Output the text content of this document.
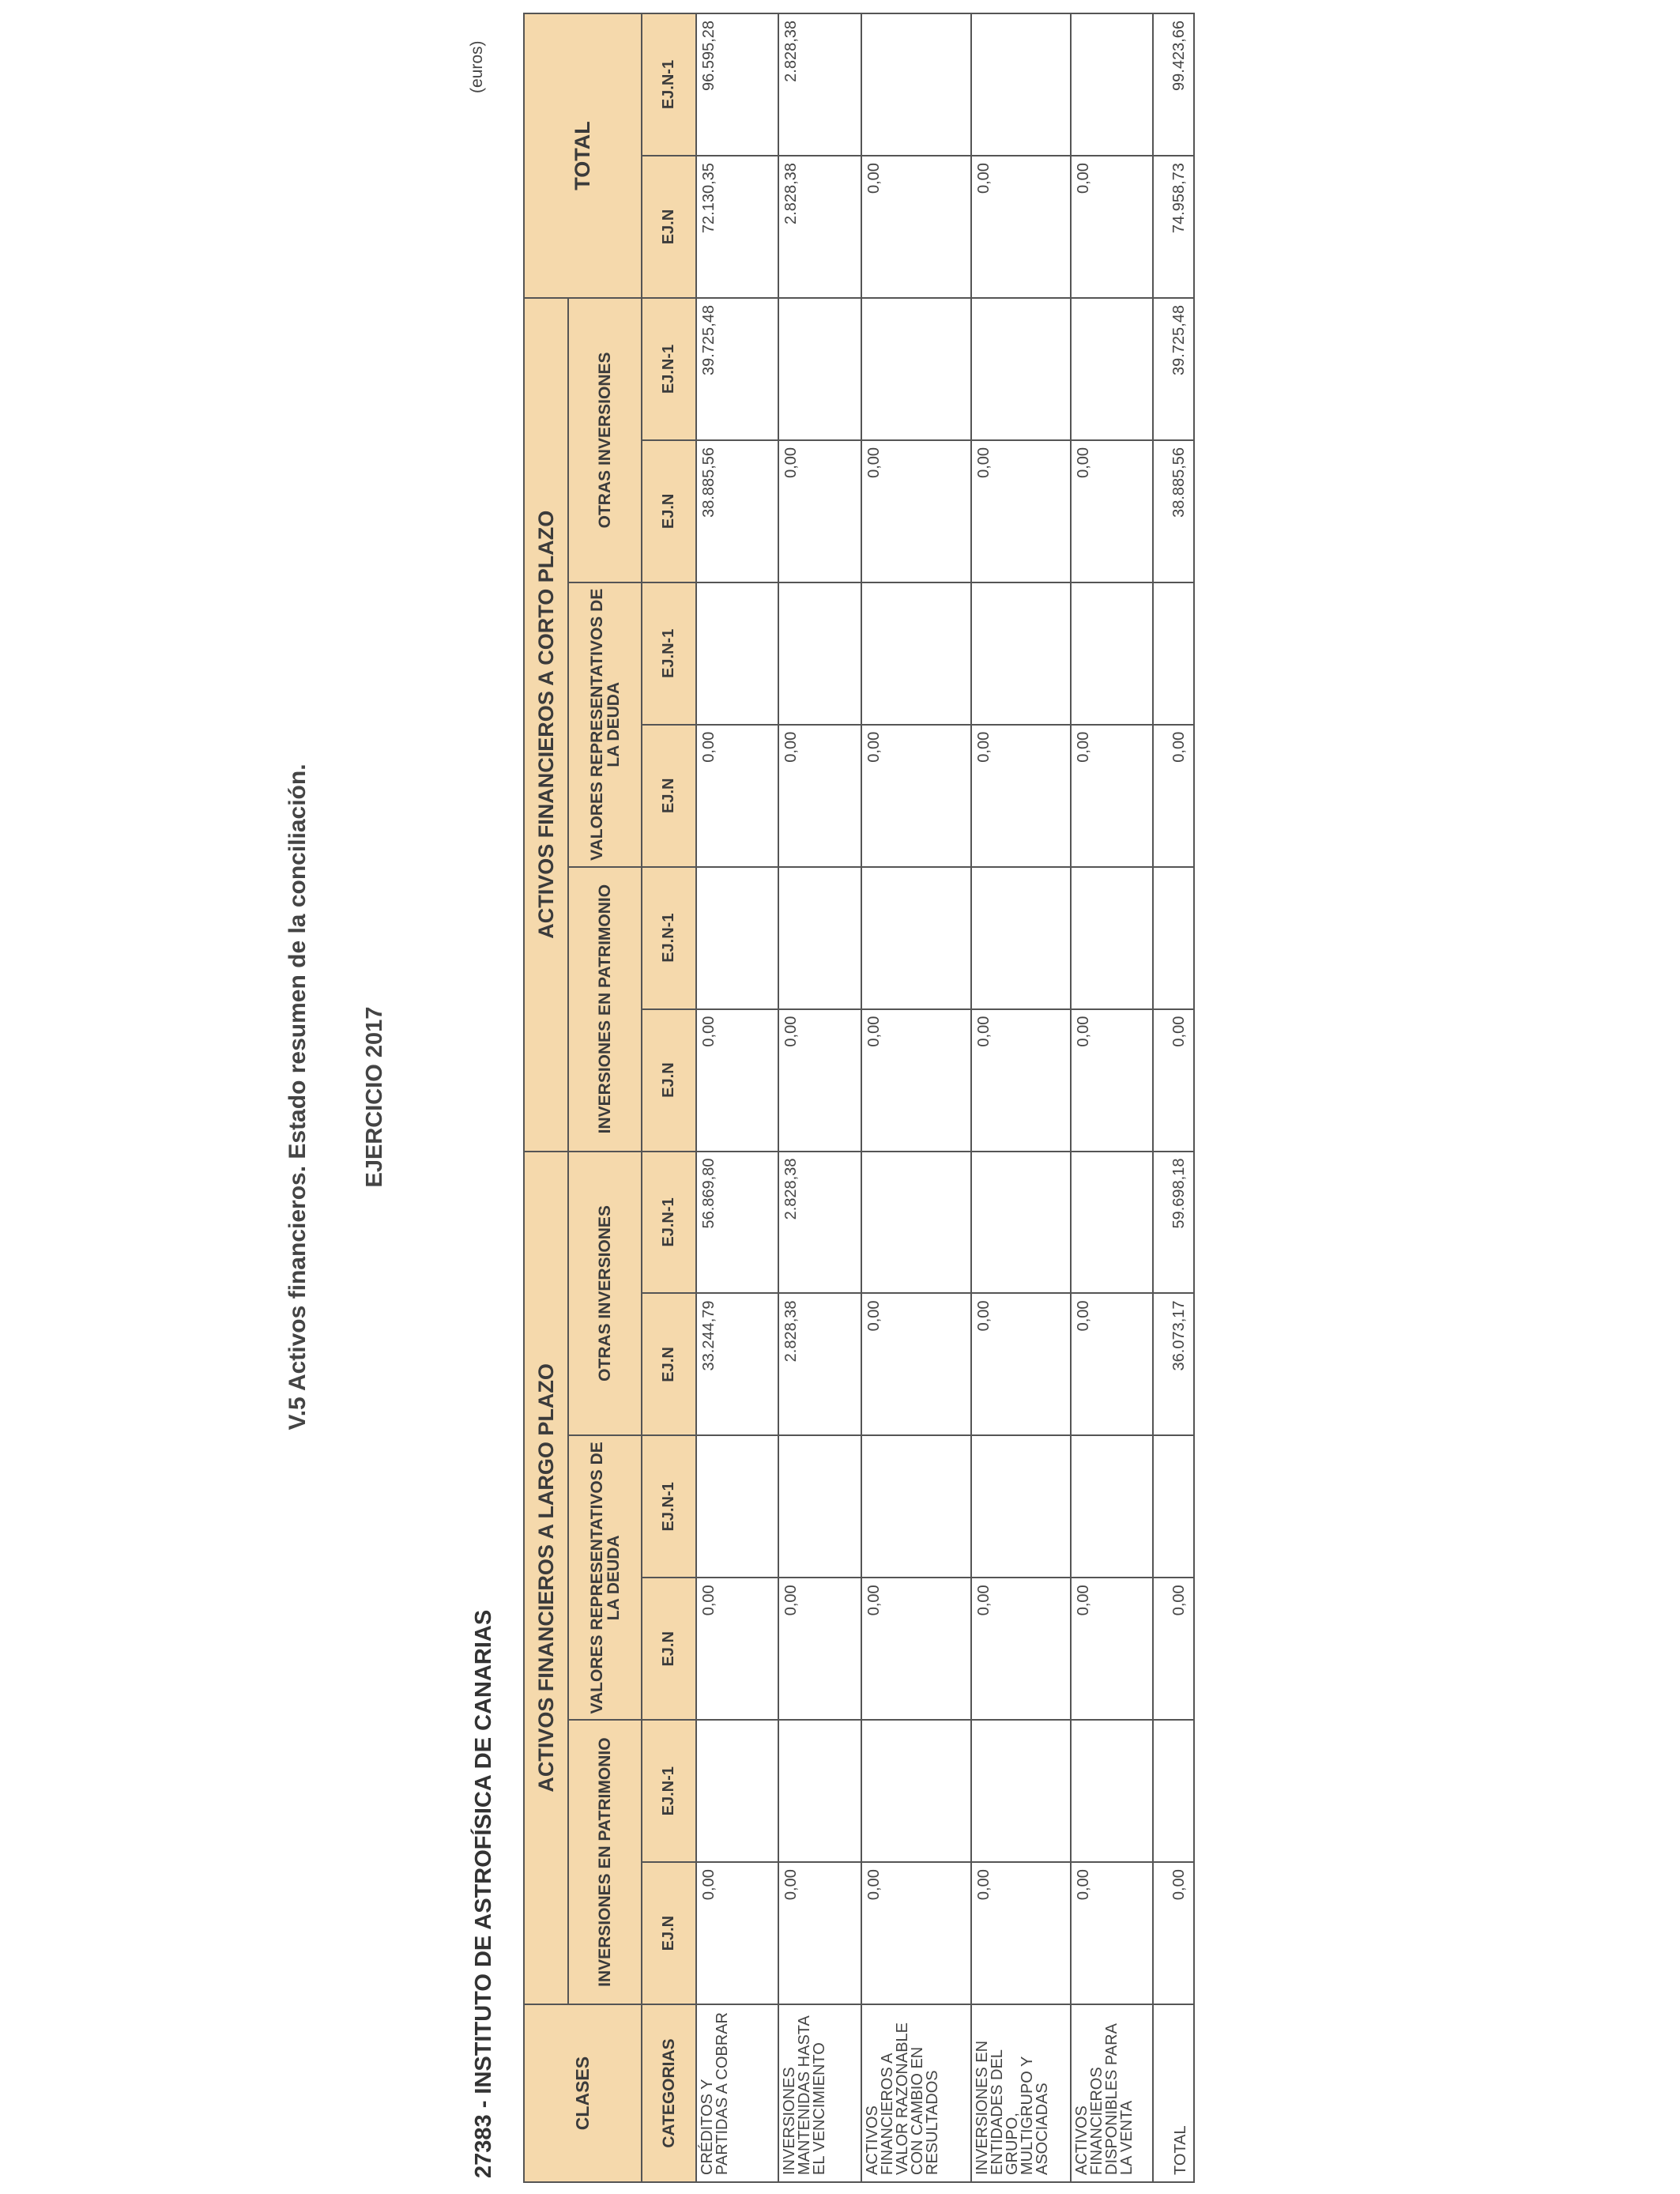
V.5 Activos financieros. Estado resumen de la conciliación. EJERCICIO 2017
27383 - INSTITUTO DE ASTROFÍSICA DE CANARIAS
(euros)
CLASES	ACTIVOS FINANCIEROS A LARGO PLAZO						ACTIVOS FINANCIEROS A CORTO PLAZO						TOTAL	
	INVERSIONES EN PATRIMONIO		VALORES REPRESENTATIVOS DE LA DEUDA		OTRAS INVERSIONES		INVERSIONES EN PATRIMONIO		VALORES REPRESENTATIVOS DE LA DEUDA		OTRAS INVERSIONES			
CATEGORIAS	EJ.N	EJ.N-1	EJ.N	EJ.N-1	EJ.N	EJ.N-1	EJ.N	EJ.N-1	EJ.N	EJ.N-1	EJ.N	EJ.N-1	EJ.N	EJ.N-1
CRÉDITOS Y PARTIDAS A COBRAR	0,00		0,00		33.244,79	56.869,80	0,00		0,00		38.885,56	39.725,48	72.130,35	96.595,28
INVERSIONES MANTENIDAS HASTA EL VENCIMIENTO	0,00		0,00		2.828,38	2.828,38	0,00		0,00		0,00		2.828,38	2.828,38
ACTIVOS FINANCIEROS A VALOR RAZONABLE CON CAMBIO EN RESULTADOS	0,00		0,00		0,00		0,00		0,00		0,00		0,00	
INVERSIONES EN ENTIDADES DEL GRUPO, MULTIGRUPO Y ASOCIADAS	0,00		0,00		0,00		0,00		0,00		0,00		0,00	
ACTIVOS FINANCIEROS DISPONIBLES PARA LA VENTA	0,00		0,00		0,00		0,00		0,00		0,00		0,00	
TOTAL	0,00		0,00		36.073,17	59.698,18	0,00		0,00		38.885,56	39.725,48	74.958,73	99.423,66
